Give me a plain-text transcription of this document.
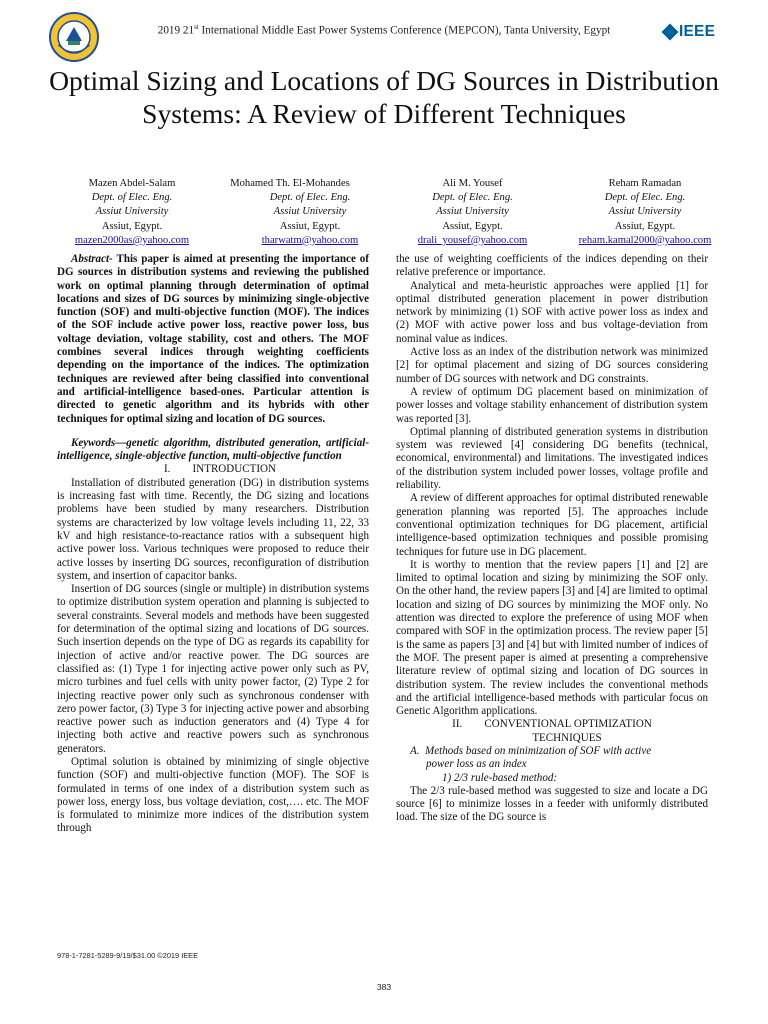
2019 21st International Middle East Power Systems Conference (MEPCON), Tanta University, Egypt	IEEE
Optimal Sizing and Locations of DG Sources in Distribution Systems: A Review of Different Techniques
Mazen Abdel-Salam
Dept. of Elec. Eng.
Assiut University
Assiut, Egypt.
mazen2000as@yahoo.com
Mohamed Th. El-Mohandes
Dept. of Elec. Eng.
Assiut University
Assiut, Egypt.
tharwatm@yahoo.com
Ali M. Yousef
Dept. of Elec. Eng.
Assiut University
Assiut, Egypt.
drali_yousef@yahoo.com
Reham Ramadan
Dept. of Elec. Eng.
Assiut University
Assiut, Egypt.
reham.kamal2000@yahoo.com

Abstract- This paper is aimed at presenting the importance of DG sources in distribution systems and reviewing the published work on optimal planning through determination of optimal locations and sizes of DG sources by minimizing single-objective function (SOF) and multi-objective function (MOF). The indices of the SOF include active power loss, reactive power loss, bus voltage deviation, voltage stability, cost and others. The MOF combines several indices through weighting coefficients depending on the importance of the indices. The optimization techniques are reviewed after being classified into conventional and artificial-intelligence based-ones. Particular attention is directed to genetic algorithm and its hybrids with other techniques for optimal sizing and location of DG sources.

Keywords—genetic algorithm, distributed generation, artificial-intelligence, single-objective function, multi-objective function

I.        INTRODUCTION

Installation of distributed generation (DG) in distribution systems is increasing fast with time. Recently, the DG sizing and locations problems have been studied by many researchers. Distribution systems are characterized by low voltage levels including 11, 22, 33 kV and high resistance-to-reactance ratios with a subsequent high active power loss. Various techniques were proposed to reduce their active losses by inserting DG sources, reconfiguration of distribution system, and insertion of capacitor banks.

Insertion of DG sources (single or multiple) in distribution systems to optimize distribution system operation and planning is subjected to several constraints. Several models and methods have been suggested for determination of the optimal sizing and locations of DG sources. Such insertion depends on the type of DG as regards its capability for injection of active and/or reactive power. The DG sources are classified as: (1) Type 1 for injecting active power only such as PV, micro turbines and fuel cells with unity power factor, (2) Type 2 for injecting reactive power only such as synchronous condenser with zero power factor, (3) Type 3 for injecting active power and absorbing reactive power such as induction generators and (4) Type 4 for injecting both active and reactive powers such as synchronous generators.

Optimal solution is obtained by minimizing of single objective function (SOF) and multi-objective function (MOF). The SOF is formulated in terms of one index of a distribution system such as power loss, energy loss, bus voltage deviation, cost,…. etc. The MOF is formulated to minimize more indices of the distribution system through

the use of weighting coefficients of the indices depending on their relative preference or importance.

Analytical and meta-heuristic approaches were applied [1] for optimal distributed generation placement in power distribution network by minimizing (1) SOF with active power loss as index and (2) MOF with active power loss and bus voltage-deviation from nominal value as indices.

Active loss as an index of the distribution network was minimized [2] for optimal placement and sizing of DG sources considering number of DG sources with network and DG constraints.

A review of optimum DG placement based on minimization of power losses and voltage stability enhancement of distribution system was reported [3].

Optimal planning of distributed generation systems in distribution system was reviewed [4] considering DG benefits (technical, economical, environmental) and limitations. The investigated indices of the distribution system included power losses, voltage profile and reliability.

A review of different approaches for optimal distributed renewable generation planning was reported [5]. The approaches include conventional optimization techniques for DG placement, artificial intelligence-based optimization techniques and possible promising techniques for future use in DG placement.

It is worthy to mention that the review papers [1] and [2] are limited to optimal location and sizing by minimizing the SOF only. On the other hand, the review papers [3] and [4] are limited to optimal location and sizing of DG sources by minimizing the MOF only. No attention was directed to explore the preference of using MOF when compared with SOF in the optimization process. The review paper [5] is the same as papers [3] and [4] but with limited number of indices of the MOF. The present paper is aimed at presenting a comprehensive literature review of optimal sizing and location of DG sources in distribution system. The review includes the conventional methods and the artificial intelligence-based methods with particular focus on Genetic Algorithm applications.

II.        CONVENTIONAL OPTIMIZATION
TECHNIQUES

A.  Methods based on minimization of SOF with active
power loss as an index

1) 2/3 rule-based method:

The 2/3 rule-based method was suggested to size and locate a DG source [6] to minimize losses in a feeder with uniformly distributed load. The size of the DG source is

978-1-7281-5289-9/19/$31.00 ©2019 IEEE
383
